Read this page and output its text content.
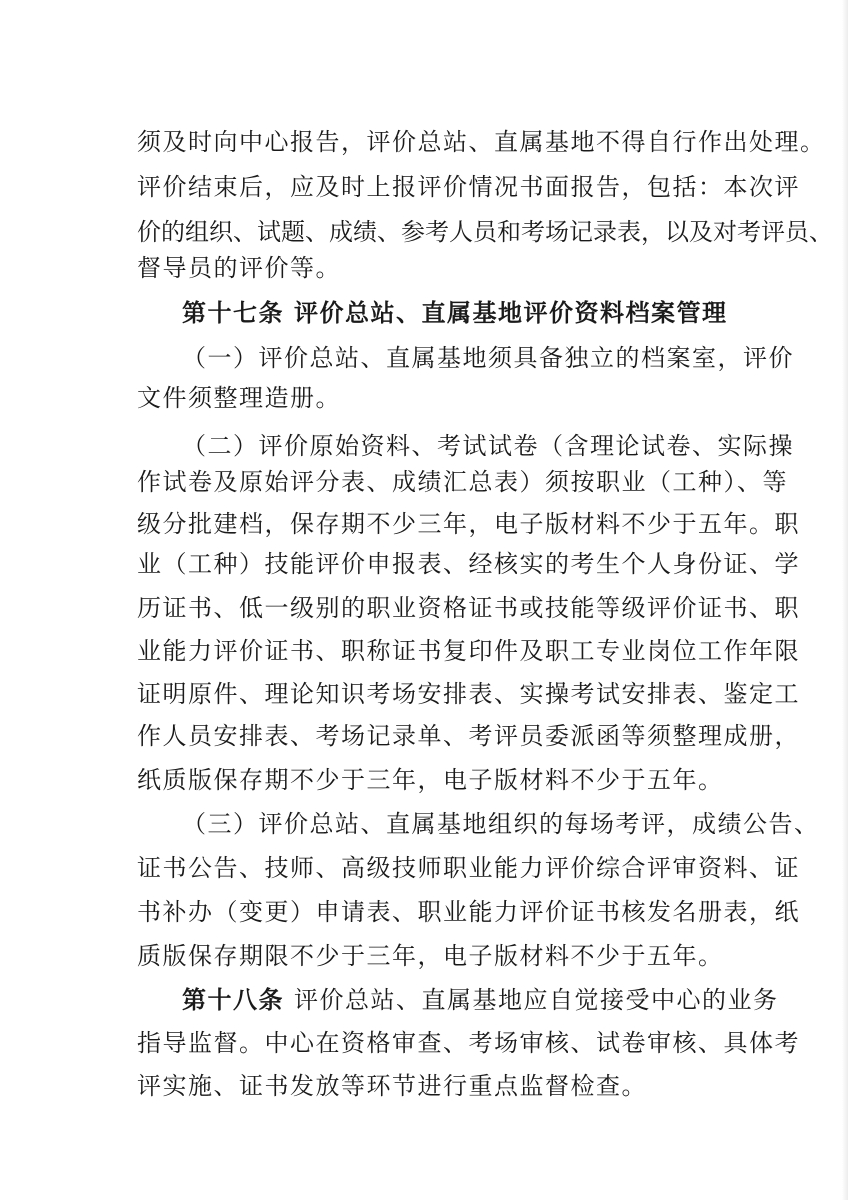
须及时向中心报告，评价总站、直属基地不得自行作出处理。
评价结束后，应及时上报评价情况书面报告，包括：本次评
价的组织、试题、成绩、参考人员和考场记录表，以及对考评员、
督导员的评价等。
第十七条 评价总站、直属基地评价资料档案管理
（一）评价总站、直属基地须具备独立的档案室，评价
文件须整理造册。
（二）评价原始资料、考试试卷（含理论试卷、实际操
作试卷及原始评分表、成绩汇总表）须按职业（工种）、等
级分批建档，保存期不少三年，电子版材料不少于五年。职
业（工种）技能评价申报表、经核实的考生个人身份证、学
历证书、低一级别的职业资格证书或技能等级评价证书、职
业能力评价证书、职称证书复印件及职工专业岗位工作年限
证明原件、理论知识考场安排表、实操考试安排表、鉴定工
作人员安排表、考场记录单、考评员委派函等须整理成册，
纸质版保存期不少于三年，电子版材料不少于五年。
（三）评价总站、直属基地组织的每场考评，成绩公告、
证书公告、技师、高级技师职业能力评价综合评审资料、证
书补办（变更）申请表、职业能力评价证书核发名册表，纸
质版保存期限不少于三年，电子版材料不少于五年。
第十八条 评价总站、直属基地应自觉接受中心的业务
指导监督。中心在资格审查、考场审核、试卷审核、具体考
评实施、证书发放等环节进行重点监督检查。
